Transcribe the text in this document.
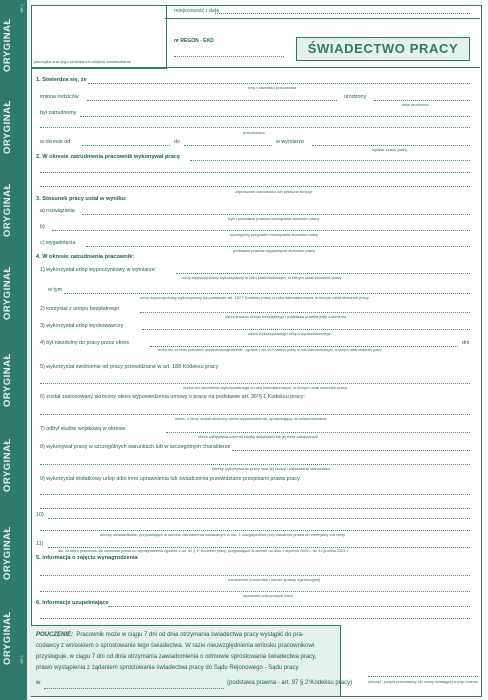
ORYGINAŁ
ORYGINAŁ
ORYGINAŁ
ORYGINAŁ
ORYGINAŁ
ORYGINAŁ
ORYGINAŁ
ORYGINAŁ
MP-1
MP-1
pieczątka oraz jego siedziba lub miejsce zamieszkania
miejscowość i data
nr REGON - EKD	ŚWIADECTWO PRACY
1. Stwierdza się, że
imię i nazwisko pracownika
imiona rodziców	urodzony
data urodzenia
był zatrudniony
pracodawca
w okresie od	do	w wymiarze
wymiar czasu pracy
2. W okresie zatrudnienia pracownik wykonywał pracę
zajmowane stanowisko lub pełnione funkcje
3. Stosunek pracy ustał w wyniku:
a) rozwiązania
tryb i podstawa prawna rozwiązania stosunku pracy
b)
szczególny przypadki rozwiązania stosunku pracy
c) wygaśnięcia
podstawa prawna wygaśnięcia stosunku pracy
4. W okresie zatrudnienia pracownik:
1) wykorzystał urlop wypoczynkowy w wymiarze:
urlop wypoczynkowy wykorzystany w roku kalendarzowym, w którym ustał stosunek pracy
w tym
urlop wypoczynkowy wykorzystany na podstawie art. 167 ² Kodeksu pracy w roku kalendarzowym, w którym ustał stosunek pracy
2) korzystał z urlopu bezpłatnego
okres trwania urlopu bezpłatnego i podstawa prawna jego udzielenia
3) wykorzystał urlop wychowawczy
okres wykorzystanego urlopu wychowawczego
4) był niezdolny do pracy przez okres	dni
liczba dni, za które pracownik otrzymał wynagrodzenie - zgodnie z art. 92 Kodeksu pracy, w roku kalendarzowym, w którym ustał stosunek pracy
5) wykorzystał zwolnienie od pracy przewidziane w art. 188 Kodeksu pracy
liczba dni zwolnienia wykorzystanego w roku kalendarzowym, w którym ustał stosunek pracy
6) został zastosowany skrócony okres wypowiedzenia umowy o pracę na podstawie art. 36¹§ 1 Kodeksu pracy:
okres, o który został skrócony okres wypowiedzenia, uprawniający do odszkodowania
7) odbył służbę wojskową w okresie
okres odbywania czynnej służby wojskowej lub jej form zastępczych
8) wykonywał pracę w szczególnych warunkach lub w szczególnym charakterze
okresy wykonywania pracy oraz jej rodzaj i zajmowane stanowisko
9) wykorzystał dodatkowy urlop albo inne uprawnienia lub świadczenia przewidziane przepisami prawa pracy
10)
okresy nieskładkowe, przypadające w okresie zatrudnienia wskazanym w ust. 1 uwzględnione przy ustaleniu prawa do emerytury lub renty
11)
dni, za które pracownik nie zachował prawa do wynagrodzenia zgodnie z art. 92 § 1¹ Kodeksu pracy, przypadające w okresie od dnia 1 stycznia 2003 r. do 31 grudnia 2003 r.
5. Informacja o zajęciu wynagrodzenia
oznaczenie komornika i numer sprawy egzekucyjnej
wysokość potrąconych kwot
6. Informacje uzupełniające
POUCZENIE: Pracownik może w ciągu 7 dni od dnia otrzymania świadectwa pracy wystąpić do pra-
codawcy z wnioskiem o sprostowanie tego świadectwa. W razie nieuwzględnienia wniosku pracownikowi
przysługuje, w ciągu 7 dni od dnia otrzymania zawiadomienia o odmowie sprostowania świadectwa pracy,
prawo wystąpienia z żądaniem sprostowania świadectwa pracy do Sądu Rejonowego - Sądu pracy
w	(podstawa prawna - art. 97 § 2¹Kodeksu pracy)	pieczęć i podpis pracodawcy lub osoby działającej w jego imieniu
